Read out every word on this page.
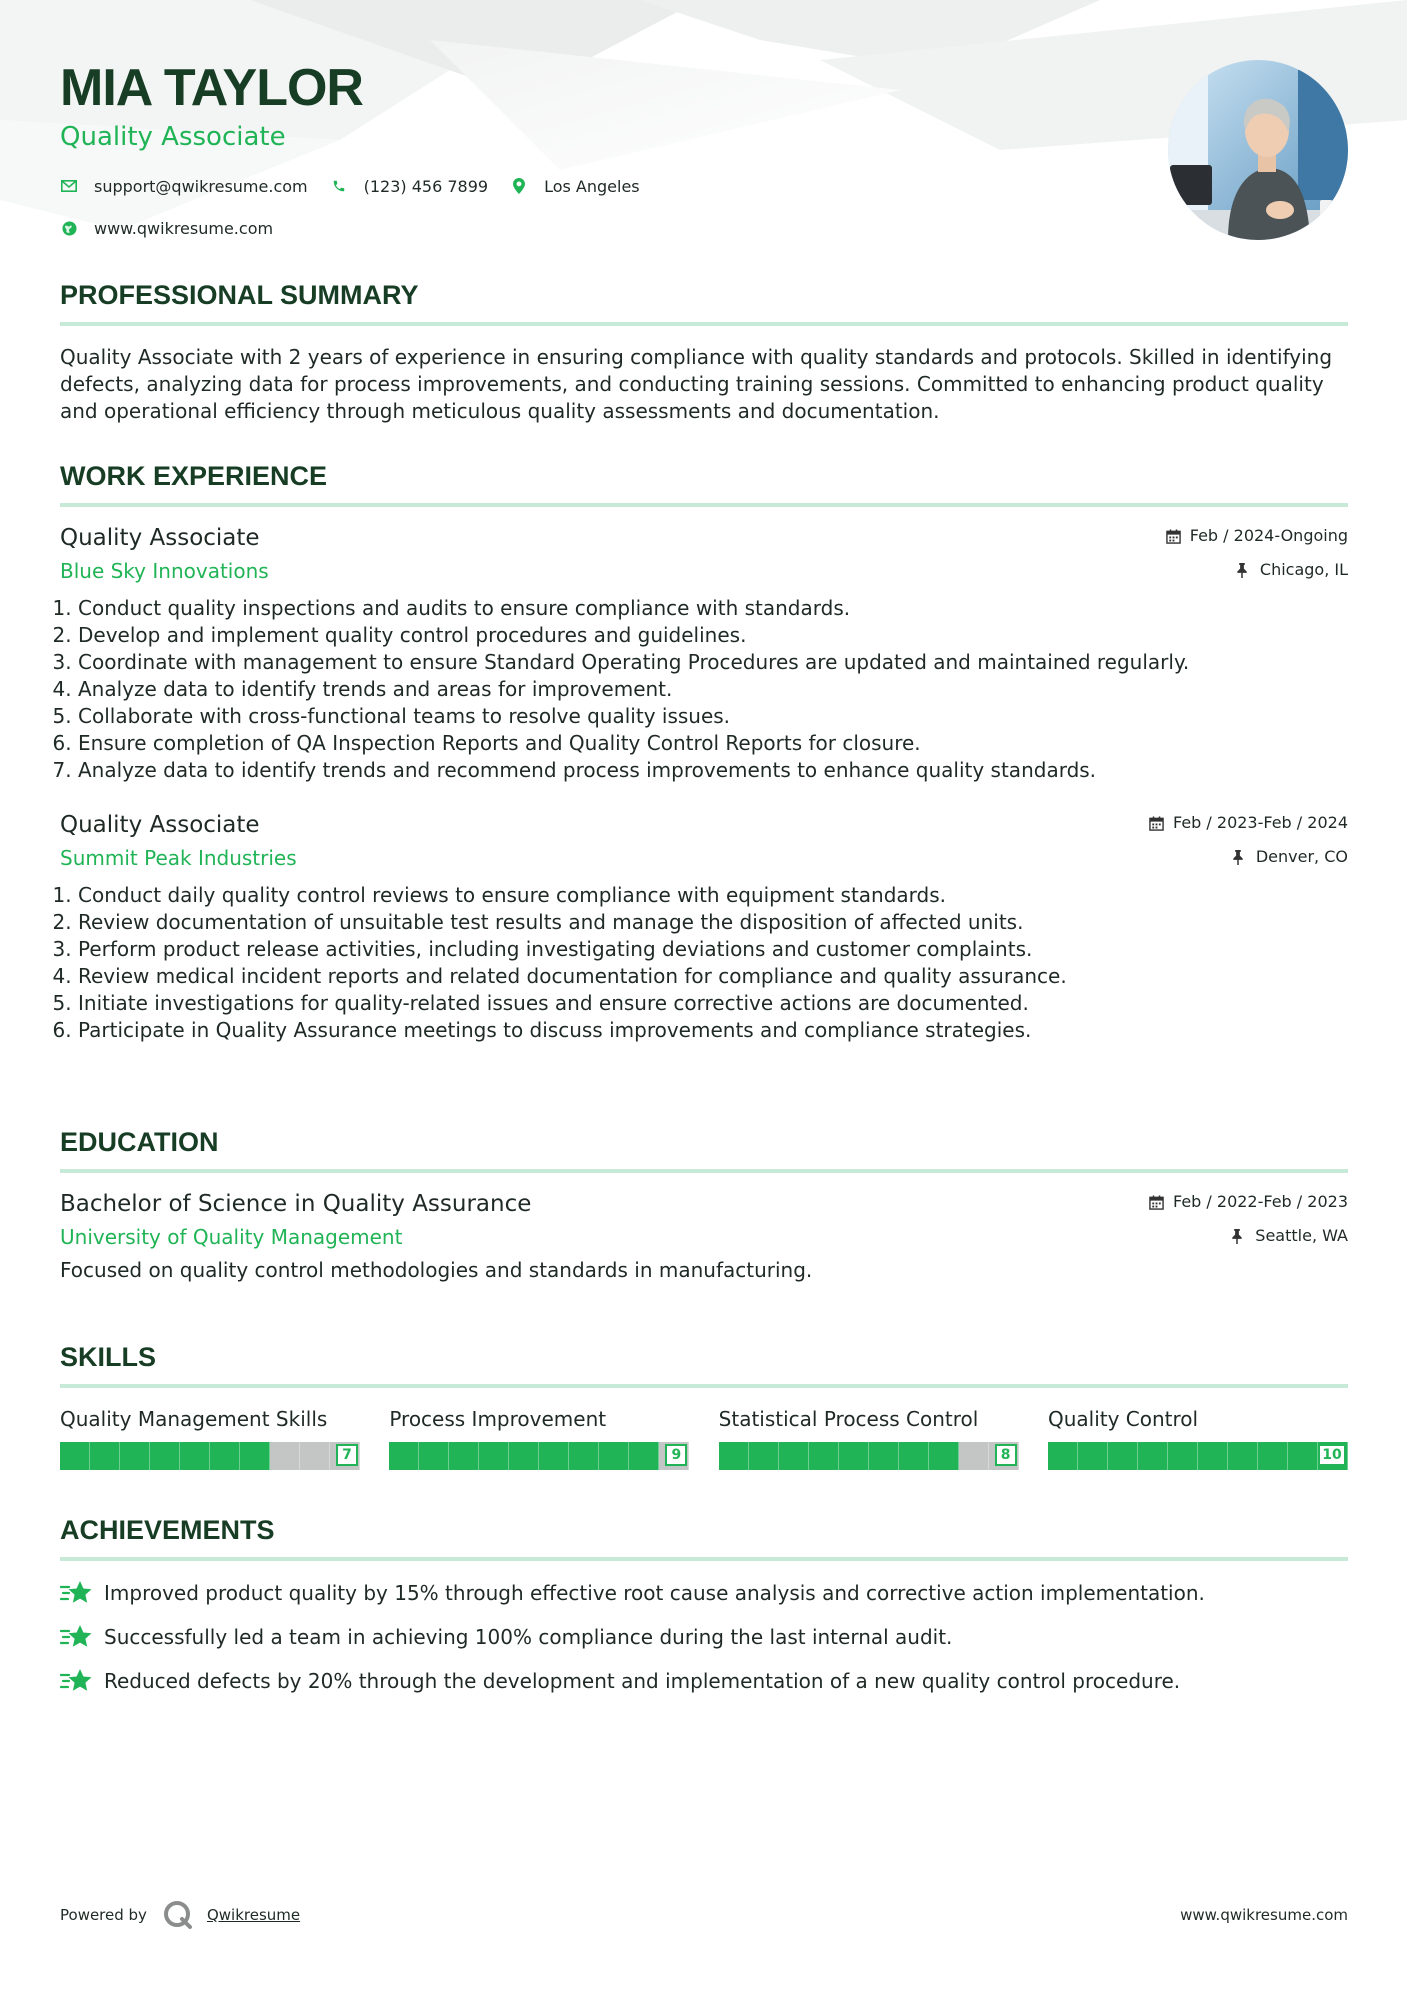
MIA TAYLOR
Quality Associate
support@qwikresume.com	(123) 456 7899	Los Angeles
www.qwikresume.com
PROFESSIONAL SUMMARY
Quality Associate with 2 years of experience in ensuring compliance with quality standards and protocols. Skilled in identifying defects, analyzing data for process improvements, and conducting training sessions. Committed to enhancing product quality and operational efficiency through meticulous quality assessments and documentation.
WORK EXPERIENCE
Quality Associate
Blue Sky Innovations
Feb / 2024-Ongoing
Chicago, IL
1. Conduct quality inspections and audits to ensure compliance with standards.
2. Develop and implement quality control procedures and guidelines.
3. Coordinate with management to ensure Standard Operating Procedures are updated and maintained regularly.
4. Analyze data to identify trends and areas for improvement.
5. Collaborate with cross-functional teams to resolve quality issues.
6. Ensure completion of QA Inspection Reports and Quality Control Reports for closure.
7. Analyze data to identify trends and recommend process improvements to enhance quality standards.
Quality Associate
Summit Peak Industries
Feb / 2023-Feb / 2024
Denver, CO
1. Conduct daily quality control reviews to ensure compliance with equipment standards.
2. Review documentation of unsuitable test results and manage the disposition of affected units.
3. Perform product release activities, including investigating deviations and customer complaints.
4. Review medical incident reports and related documentation for compliance and quality assurance.
5. Initiate investigations for quality-related issues and ensure corrective actions are documented.
6. Participate in Quality Assurance meetings to discuss improvements and compliance strategies.
EDUCATION
Bachelor of Science in Quality Assurance
University of Quality Management
Feb / 2022-Feb / 2023
Seattle, WA
Focused on quality control methodologies and standards in manufacturing.
SKILLS
Quality Management Skills
7
Process Improvement
9
Statistical Process Control
8
Quality Control
10
ACHIEVEMENTS
Improved product quality by 15% through effective root cause analysis and corrective action implementation.
Successfully led a team in achieving 100% compliance during the last internal audit.
Reduced defects by 20% through the development and implementation of a new quality control procedure.
Powered by	Qwikresume	www.qwikresume.com
